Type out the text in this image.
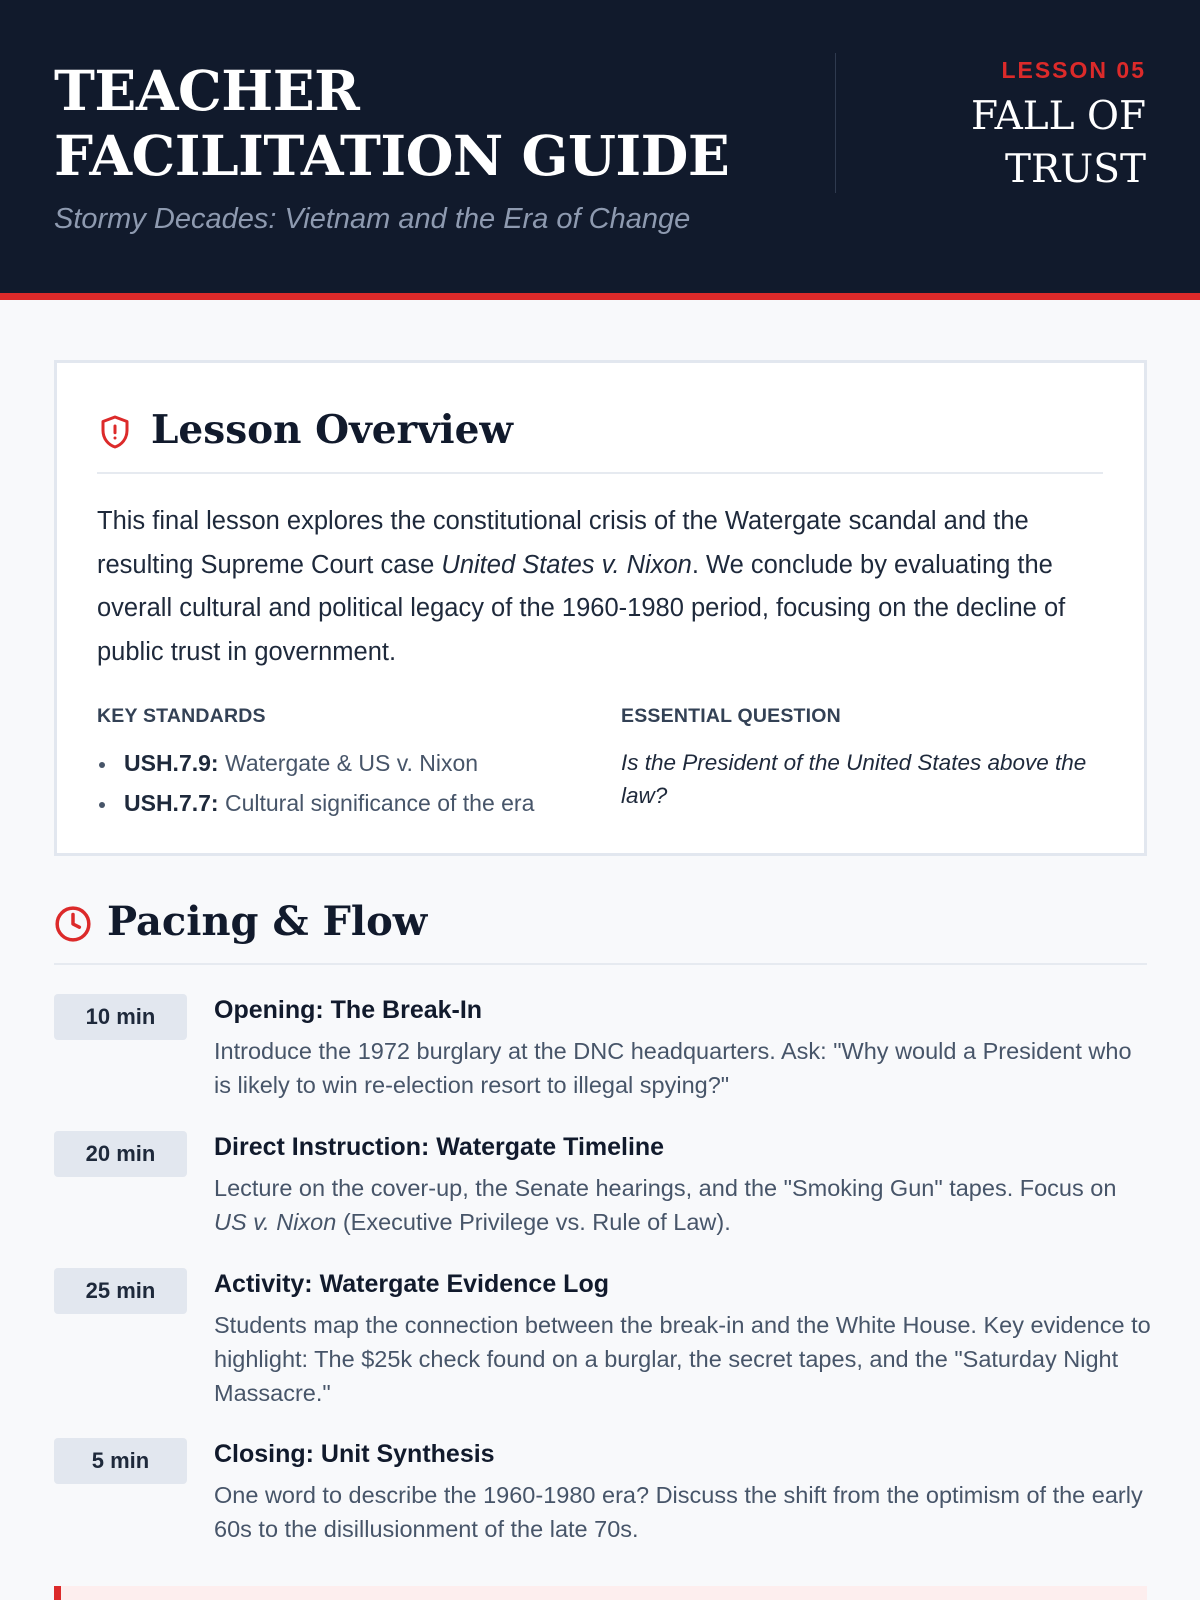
TEACHER FACILITATION GUIDE
Stormy Decades: Vietnam and the Era of Change
LESSON 05
FALL OF TRUST
Lesson Overview

This final lesson explores the constitutional crisis of the Watergate scandal and the resulting Supreme Court case United States v. Nixon. We conclude by evaluating the overall cultural and political legacy of the 1960-1980 period, focusing on the decline of public trust in government.

KEY STANDARDS
USH.7.9: Watergate & US v. Nixon
USH.7.7: Cultural significance of the era
ESSENTIAL QUESTION
Is the President of the United States above the law?
Pacing & Flow
10 min	Opening: The Break-In
Introduce the 1972 burglary at the DNC headquarters. Ask: "Why would a President who is likely to win re-election resort to illegal spying?"
20 min	Direct Instruction: Watergate Timeline
Lecture on the cover-up, the Senate hearings, and the "Smoking Gun" tapes. Focus on US v. Nixon (Executive Privilege vs. Rule of Law).
25 min	Activity: Watergate Evidence Log
Students map the connection between the break-in and the White House. Key evidence to highlight: The $25k check found on a burglar, the secret tapes, and the "Saturday Night Massacre."
5 min	Closing: Unit Synthesis
One word to describe the 1960-1980 era? Discuss the shift from the optimism of the early 60s to the disillusionment of the late 70s.
